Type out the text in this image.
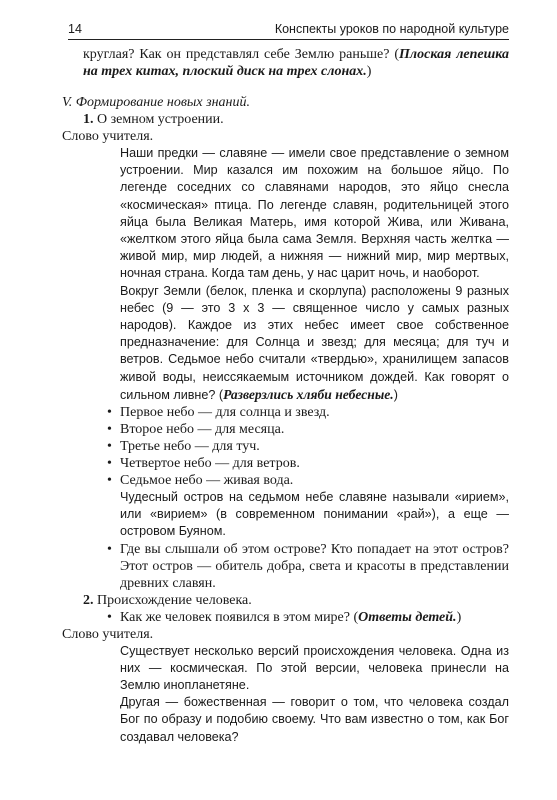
14	Конспекты уроков по народной культуре

круглая? Как он представлял себе Землю раньше? (Плоская лепешка на трех китах, плоский диск на трех слонах.)

V. Формирование новых знаний.

1. О земном устроении.

Слово учителя.

Наши предки — славяне — имели свое представление о земном устроении. Мир казался им похожим на большое яйцо. По легенде соседних со славянами народов, это яйцо снесла «космическая» птица. По легенде славян, родительницей этого яйца была Великая Матерь, имя которой Жива, или Живана, «желтком этого яйца была сама Земля. Верхняя часть желтка — живой мир, мир людей, а нижняя — нижний мир, мир мертвых, ночная страна. Когда там день, у нас царит ночь, и наоборот.

Вокруг Земли (белок, пленка и скорлупа) расположены 9 разных небес (9 — это 3 х 3 — священное число у самых разных народов). Каждое из этих небес имеет свое собственное предназначение: для Солнца и звезд; для месяца; для туч и ветров. Седьмое небо считали «твердью», хранилищем запасов живой воды, неиссякаемым источником дождей. Как говорят о сильном ливне? (Разверзлись хляби небесные.)

• Первое небо — для солнца и звезд.
• Второе небо — для месяца.
• Третье небо — для туч.
• Четвертое небо — для ветров.
• Седьмое небо — живая вода.

Чудесный остров на седьмом небе славяне называли «ирием», или «вирием» (в современном понимании «рай»), а еще — островом Буяном.

• Где вы слышали об этом острове? Кто попадает на этот остров? Этот остров — обитель добра, света и красоты в представлении древних славян.

2. Происхождение человека.

• Как же человек появился в этом мире? (Ответы детей.)

Слово учителя.

Существует несколько версий происхождения человека. Одна из них — космическая. По этой версии, человека принесли на Землю инопланетяне.

Другая — божественная — говорит о том, что человека создал Бог по образу и подобию своему. Что вам известно о том, как Бог создавал человека?
